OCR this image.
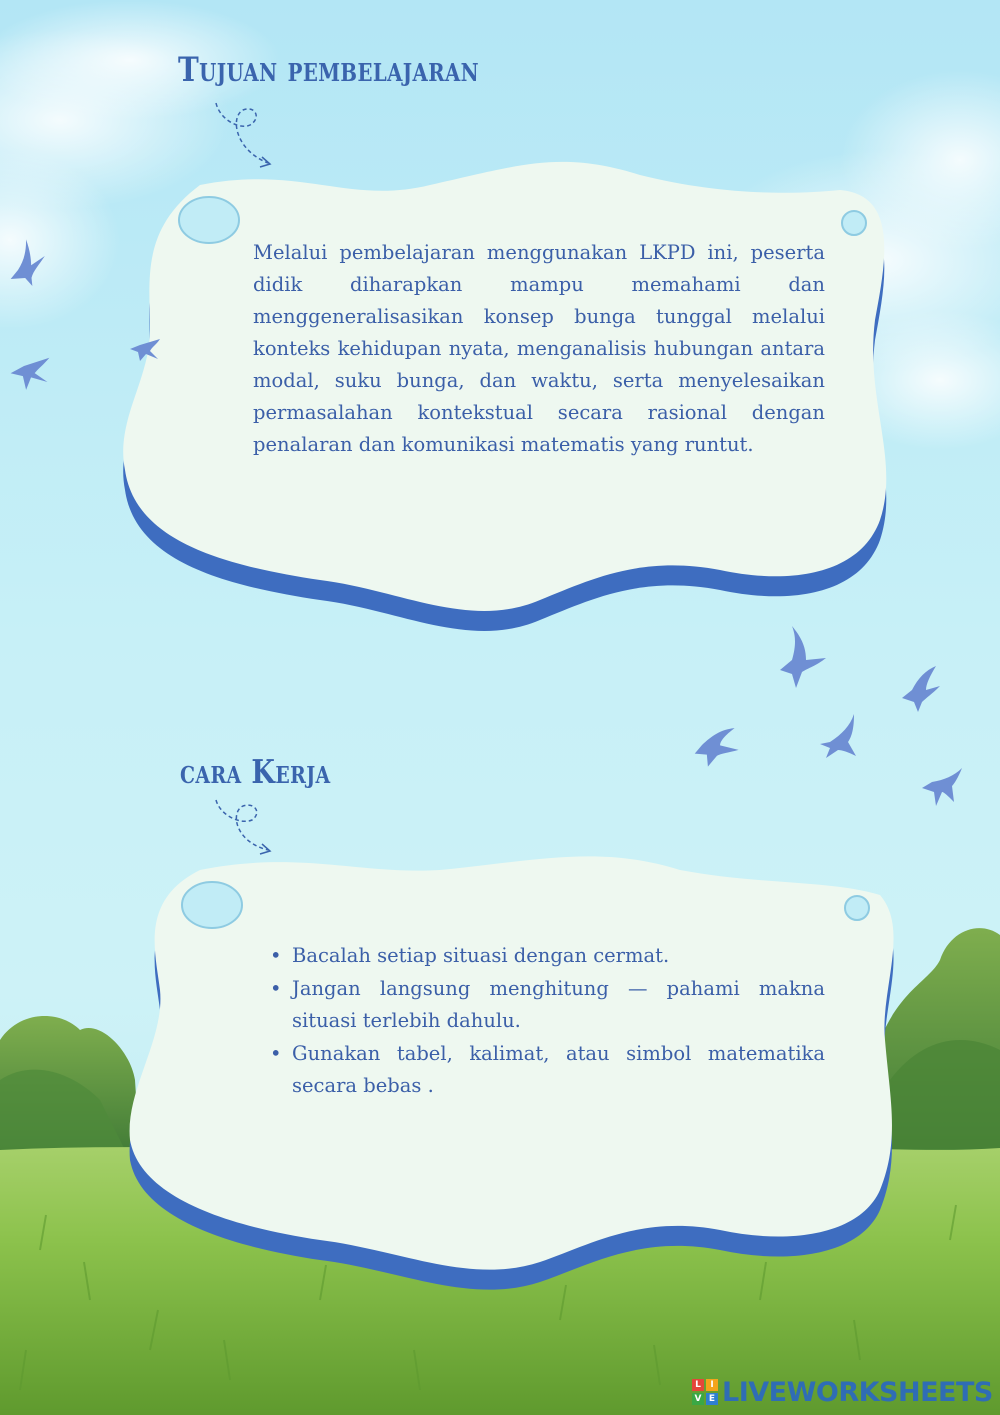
Tujuan pembelajaran

Melalui pembelajaran menggunakan LKPD ini, peserta didik diharapkan mampu memahami dan menggeneralisasikan konsep bunga tunggal melalui konteks kehidupan nyata, menganalisis hubungan antara modal, suku bunga, dan waktu, serta menyelesaikan permasalahan kontekstual secara rasional dengan penalaran dan komunikasi matematis yang runtut.

cara Kerja
• Bacalah setiap situasi dengan cermat.
• Jangan langsung menghitung — pahami makna situasi terlebih dahulu.
• Gunakan tabel, kalimat, atau simbol matematika secara bebas .
L	I
V E LIVEWORKSHEETS
